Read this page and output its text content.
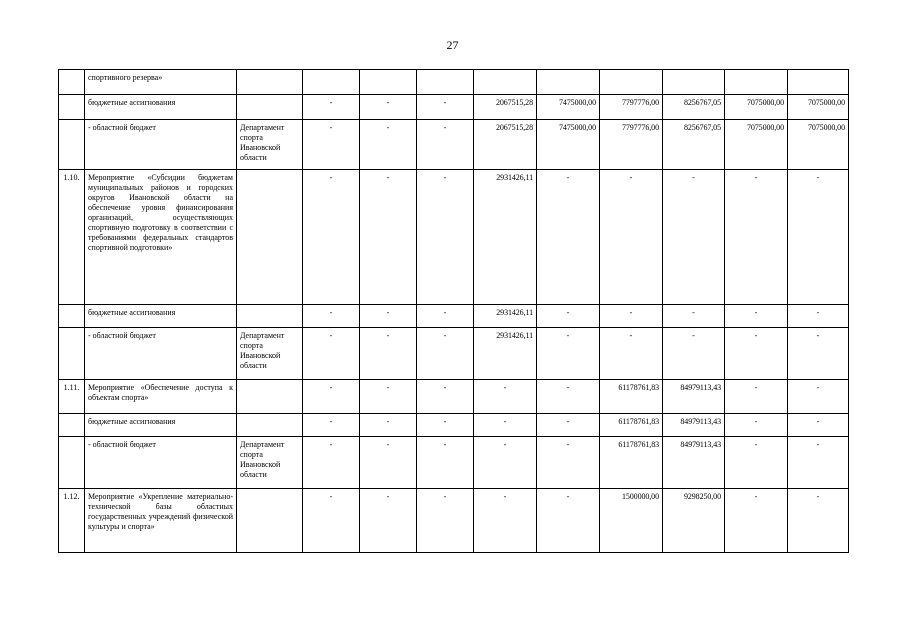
27
	спортивного резерва»										
	бюджетные ассигнования		-	-	-	2067515,28	7475000,00	7797776,00	8256767,05	7075000,00	7075000,00
	- областной бюджет	Департамент спорта Ивановской области	-	-	-	2067515,28	7475000,00	7797776,00	8256767,05	7075000,00	7075000,00
1.10.	Мероприятие «Субсидии бюджетам муниципальных районов и городских округов Ивановской области на обеспечение уровня финансирования организаций, осуществляющих спортивную подготовку в соответствии с требованиями федеральных стандартов спортивной подготовки»		-	-	-	2931426,11	-	-	-	-	-
	бюджетные ассигнования		-	-	-	2931426,11	-	-	-	-	-
	- областной бюджет	Департамент спорта Ивановской области	-	-	-	2931426,11	-	-	-	-	-
1.11.	Мероприятие «Обеспечение доступа к объектам спорта»		-	-	-	-	-	61178761,83	84979113,43	-	-
	бюджетные ассигнования		-	-	-	-	-	61178761,83	84979113,43	-	-
	- областной бюджет	Департамент спорта Ивановской области	-	-	-	-	-	61178761,83	84979113,43	-	-
1.12.	Мероприятие «Укрепление материально-технической базы областных государственных учреждений физической культуры и спорта»		-	-	-	-	-	1500000,00	9298250,00	-	-
